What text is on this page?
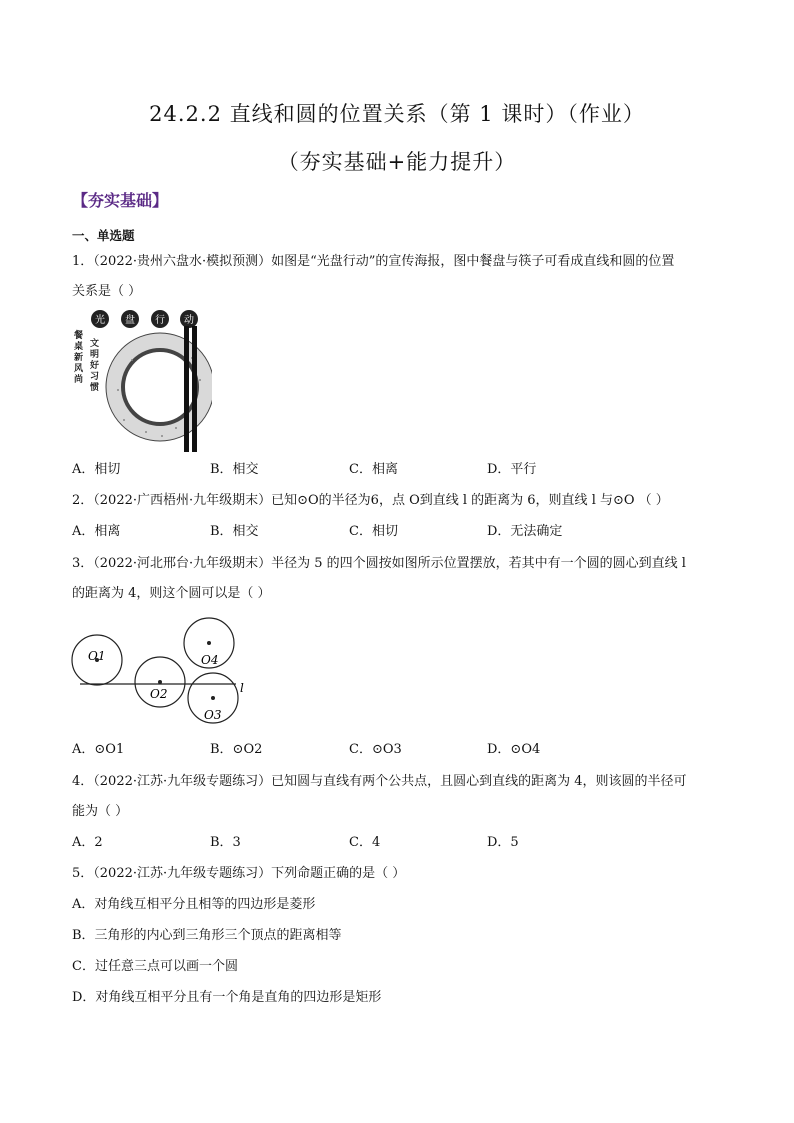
24.2.2 直线和圆的位置关系（第 1 课时）（作业）
（夯实基础+能力提升）
【夯实基础】
一、单选题
1．（2022·贵州六盘水·模拟预测）如图是“光盘行动”的宣传海报，图中餐盘与筷子可看成直线和圆的位置
关系是（ ）
光 盘 行 动
餐
桌
新
风
尚
文
明
好
习
惯
A．相切	B．相交	C．相离	D．平行
2．（2022·广西梧州·九年级期末）已知⊙O的半径为6，点 O到直线 l 的距离为 6，则直线 l 与⊙O （ ）
A．相离	B．相交	C．相切	D．无法确定
3．（2022·河北邢台·九年级期末）半径为 5 的四个圆按如图所示位置摆放，若其中有一个圆的圆心到直线 l
的距离为 4，则这个圆可以是（ ）
l
O1
O2
O4
O3
A．⊙O1	B．⊙O2	C．⊙O3	D．⊙O4
4．（2022·江苏·九年级专题练习）已知圆与直线有两个公共点，且圆心到直线的距离为 4，则该圆的半径可
能为（ ）
A．2	B．3	C．4	D．5
5．（2022·江苏·九年级专题练习）下列命题正确的是（ ）
A．对角线互相平分且相等的四边形是菱形
B．三角形的内心到三角形三个顶点的距离相等
C．过任意三点可以画一个圆
D．对角线互相平分且有一个角是直角的四边形是矩形
